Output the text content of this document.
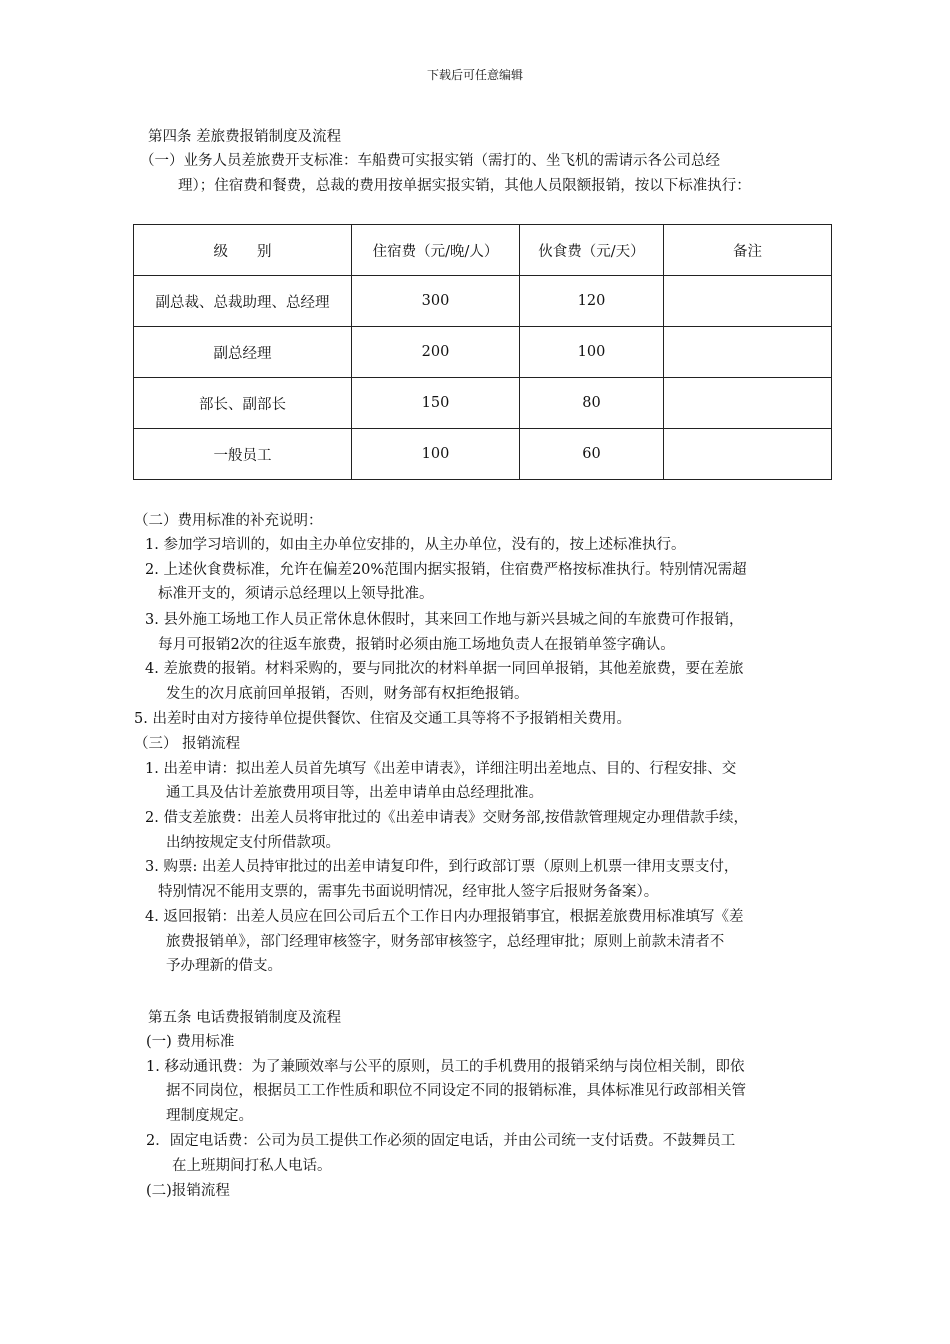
下载后可任意编辑
第四条 差旅费报销制度及流程
（一）业务人员差旅费开支标准：车船费可实报实销（需打的、坐飞机的需请示各公司总经
理）；住宿费和餐费，总裁的费用按单据实报实销，其他人员限额报销，按以下标准执行：
级　　别	住宿费（元/晚/人）	伙食费（元/天）	备注
副总裁、总裁助理、总经理	300	120	
副总经理	200	100	
部长、副部长	150	80	
一般员工	100	60	
（二）费用标准的补充说明：
1. 参加学习培训的，如由主办单位安排的，从主办单位，没有的，按上述标准执行。
2. 上述伙食费标准，允许在偏差20%范围内据实报销，住宿费严格按标准执行。特别情况需超
标准开支的，须请示总经理以上领导批准。
3. 县外施工场地工作人员正常休息休假时，其来回工作地与新兴县城之间的车旅费可作报销，
每月可报销2次的往返车旅费，报销时必须由施工场地负责人在报销单签字确认。
4. 差旅费的报销。材料采购的，要与同批次的材料单据一同回单报销，其他差旅费，要在差旅
发生的次月底前回单报销，否则，财务部有权拒绝报销。
5. 出差时由对方接待单位提供餐饮、住宿及交通工具等将不予报销相关费用。
（三） 报销流程
1. 出差申请：拟出差人员首先填写《出差申请表》，详细注明出差地点、目的、行程安排、交
通工具及估计差旅费用项目等，出差申请单由总经理批准。
2. 借支差旅费：出差人员将审批过的《出差申请表》交财务部,按借款管理规定办理借款手续，
出纳按规定支付所借款项。
3. 购票: 出差人员持审批过的出差申请复印件，到行政部订票（原则上机票一律用支票支付，
特别情况不能用支票的，需事先书面说明情况，经审批人签字后报财务备案）。
4. 返回报销：出差人员应在回公司后五个工作日内办理报销事宜，根据差旅费用标准填写《差
旅费报销单》，部门经理审核签字，财务部审核签字，总经理审批；原则上前款未清者不
予办理新的借支。
第五条 电话费报销制度及流程
(一) 费用标准
1. 移动通讯费：为了兼顾效率与公平的原则，员工的手机费用的报销采纳与岗位相关制，即依
据不同岗位，根据员工工作性质和职位不同设定不同的报销标准，具体标准见行政部相关管
理制度规定。
2．固定电话费：公司为员工提供工作必须的固定电话，并由公司统一支付话费。不鼓舞员工
在上班期间打私人电话。
(二)报销流程
